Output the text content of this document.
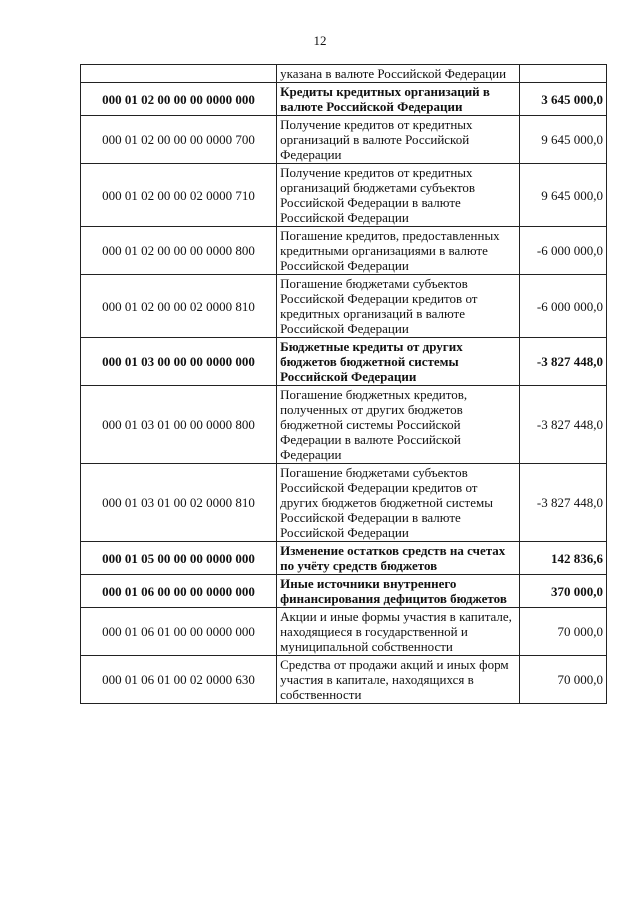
12
	указана в валюте Российской Федерации	
000 01 02 00 00 00 0000 000	Кредиты кредитных организаций в валюте Российской Федерации	3 645 000,0
000 01 02 00 00 00 0000 700	Получение кредитов от кредитных организаций в валюте Российской Федерации	9 645 000,0
000 01 02 00 00 02 0000 710	Получение кредитов от кредитных организаций бюджетами субъектов Российской Федерации в валюте Российской Федерации	9 645 000,0
000 01 02 00 00 00 0000 800	Погашение кредитов, предоставленных кредитными организациями в валюте Российской Федерации	-6 000 000,0
000 01 02 00 00 02 0000 810	Погашение бюджетами субъектов Российской Федерации кредитов от кредитных организаций в валюте Российской Федерации	-6 000 000,0
000 01 03 00 00 00 0000 000	Бюджетные кредиты от других бюджетов бюджетной системы Российской Федерации	-3 827 448,0
000 01 03 01 00 00 0000 800	Погашение бюджетных кредитов, полученных от других бюджетов бюджетной системы Российской Федерации в валюте Российской Федерации	-3 827 448,0
000 01 03 01 00 02 0000 810	Погашение бюджетами субъектов Российской Федерации кредитов от других бюджетов бюджетной системы Российской Федерации в валюте Российской Федерации	-3 827 448,0
000 01 05 00 00 00 0000 000	Изменение остатков средств на счетах по учёту средств бюджетов	142 836,6
000 01 06 00 00 00 0000 000	Иные источники внутреннего финансирования дефицитов бюджетов	370 000,0
000 01 06 01 00 00 0000 000	Акции и иные формы участия в капитале, находящиеся в государственной и муниципальной собственности	70 000,0
000 01 06 01 00 02 0000 630	Средства от продажи акций и иных форм участия в капитале, находящихся в собственности	70 000,0
